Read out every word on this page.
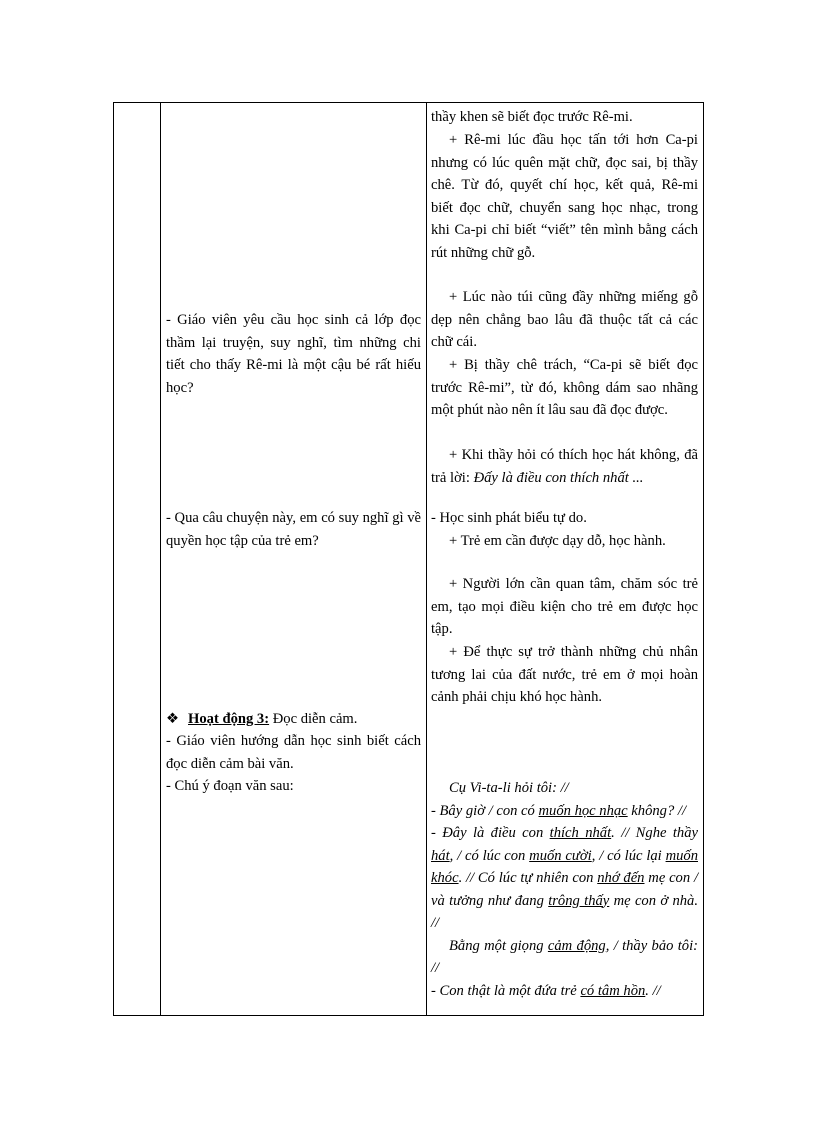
- Giáo viên yêu cầu học sinh cả lớp đọc thầm lại truyện, suy nghĩ, tìm những chi tiết cho thấy Rê-mi là một cậu bé rất hiếu học?

- Qua câu chuyện này, em có suy nghĩ gì về quyền học tập của trẻ em?

❖ Hoạt động 3: Đọc diễn cảm.

- Giáo viên hướng dẫn học sinh biết cách đọc diễn cảm bài văn.

- Chú ý đoạn văn sau:

thầy khen sẽ biết đọc trước Rê-mi.

+ Rê-mi lúc đầu học tấn tới hơn Ca-pi nhưng có lúc quên mặt chữ, đọc sai, bị thầy chê. Từ đó, quyết chí học, kết quả, Rê-mi biết đọc chữ, chuyển sang học nhạc, trong khi Ca-pi chỉ biết “viết” tên mình bằng cách rút những chữ gỗ.

+ Lúc nào túi cũng đầy những miếng gỗ dẹp nên chẳng bao lâu đã thuộc tất cả các chữ cái.

+ Bị thầy chê trách, “Ca-pi sẽ biết đọc trước Rê-mi”, từ đó, không dám sao nhãng một phút nào nên ít lâu sau đã đọc được.

+ Khi thầy hỏi có thích học hát không, đã trả lời: Đấy là điều con thích nhất ...

- Học sinh phát biểu tự do.

+ Trẻ em cần được dạy dỗ, học hành.

+ Người lớn cần quan tâm, chăm sóc trẻ em, tạo mọi điều kiện cho trẻ em được học tập.

+ Để thực sự trở thành những chủ nhân tương lai của đất nước, trẻ em ở mọi hoàn cảnh phải chịu khó học hành.

Cụ Vi-ta-li hỏi tôi: //
- Bây giờ / con có muốn học nhạc không? //
- Đây là điều con thích nhất. // Nghe thầy hát, / có lúc con muốn cười, / có lúc lại muốn khóc. // Có lúc tự nhiên con nhớ đến mẹ con / và tưởng như đang trông thấy mẹ con ở nhà. //
Bằng một giọng cảm động, / thầy bảo tôi: //
- Con thật là một đứa trẻ có tâm hồn. //
